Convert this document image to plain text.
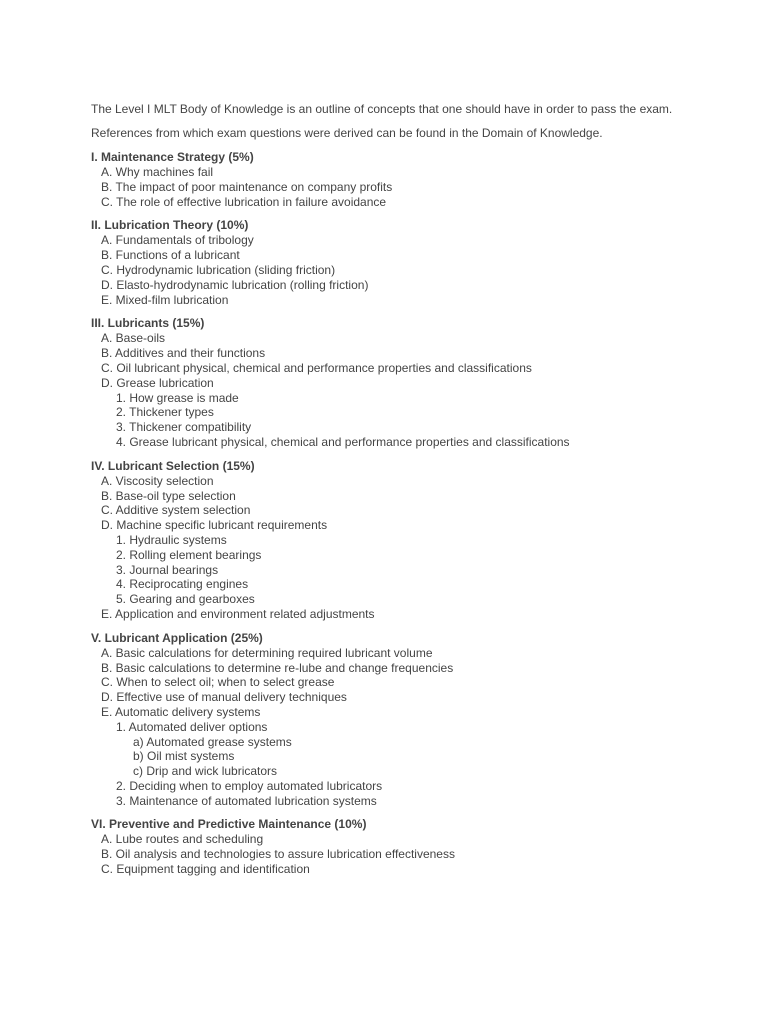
The Level I MLT Body of Knowledge is an outline of concepts that one should have in order to pass the exam.

References from which exam questions were derived can be found in the Domain of Knowledge.

I. Maintenance Strategy (5%)

A. Why machines fail

B. The impact of poor maintenance on company profits

C. The role of effective lubrication in failure avoidance

II. Lubrication Theory (10%)

A. Fundamentals of tribology

B. Functions of a lubricant

C. Hydrodynamic lubrication (sliding friction)

D. Elasto-hydrodynamic lubrication (rolling friction)

E. Mixed-film lubrication

III. Lubricants (15%)

A. Base-oils

B. Additives and their functions

C. Oil lubricant physical, chemical and performance properties and classifications

D. Grease lubrication

1. How grease is made

2. Thickener types

3. Thickener compatibility

4. Grease lubricant physical, chemical and performance properties and classifications

IV. Lubricant Selection (15%)

A. Viscosity selection

B. Base-oil type selection

C. Additive system selection

D. Machine specific lubricant requirements

1. Hydraulic systems

2. Rolling element bearings

3. Journal bearings

4. Reciprocating engines

5. Gearing and gearboxes

E. Application and environment related adjustments

V. Lubricant Application (25%)

A. Basic calculations for determining required lubricant volume

B. Basic calculations to determine re-lube and change frequencies

C. When to select oil; when to select grease

D. Effective use of manual delivery techniques

E. Automatic delivery systems

1. Automated deliver options

a) Automated grease systems

b) Oil mist systems

c) Drip and wick lubricators

2. Deciding when to employ automated lubricators

3. Maintenance of automated lubrication systems

VI. Preventive and Predictive Maintenance (10%)

A. Lube routes and scheduling

B. Oil analysis and technologies to assure lubrication effectiveness

C. Equipment tagging and identification
